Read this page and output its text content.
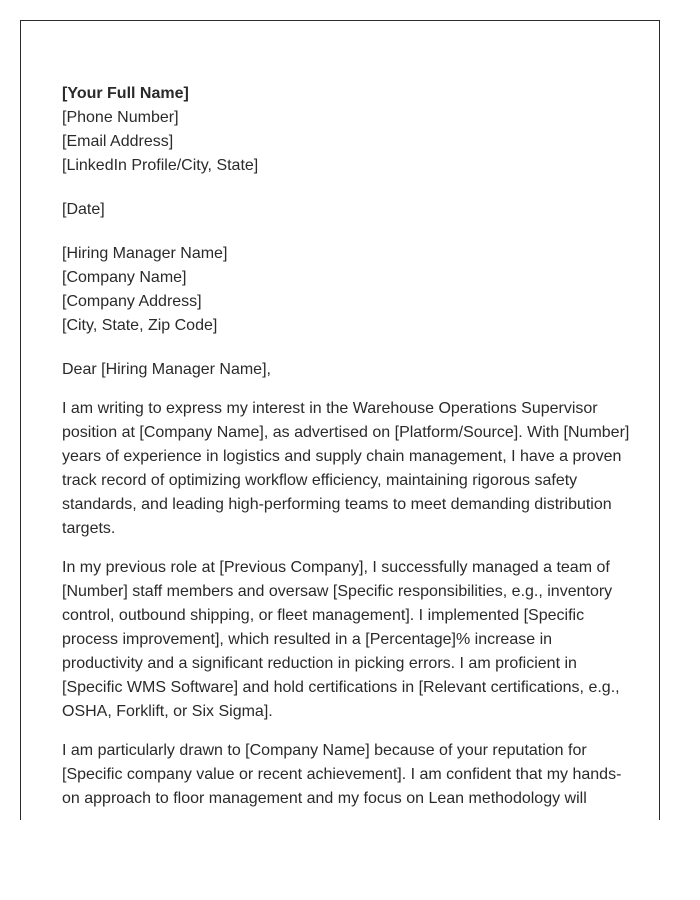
[Your Full Name]
[Phone Number]
[Email Address]
[LinkedIn Profile/City, State]
[Date]
[Hiring Manager Name]
[Company Name]
[Company Address]
[City, State, Zip Code]

Dear [Hiring Manager Name],

I am writing to express my interest in the Warehouse Operations Supervisor position at [Company Name], as advertised on [Platform/Source]. With [Number] years of experience in logistics and supply chain management, I have a proven track record of optimizing workflow efficiency, maintaining rigorous safety standards, and leading high-performing teams to meet demanding distribution targets.

In my previous role at [Previous Company], I successfully managed a team of [Number] staff members and oversaw [Specific responsibilities, e.g., inventory control, outbound shipping, or fleet management]. I implemented [Specific process improvement], which resulted in a [Percentage]% increase in productivity and a significant reduction in picking errors. I am proficient in [Specific WMS Software] and hold certifications in [Relevant certifications, e.g., OSHA, Forklift, or Six Sigma].

I am particularly drawn to [Company Name] because of your reputation for [Specific company value or recent achievement]. I am confident that my hands-on approach to floor management and my focus on Lean methodology will
